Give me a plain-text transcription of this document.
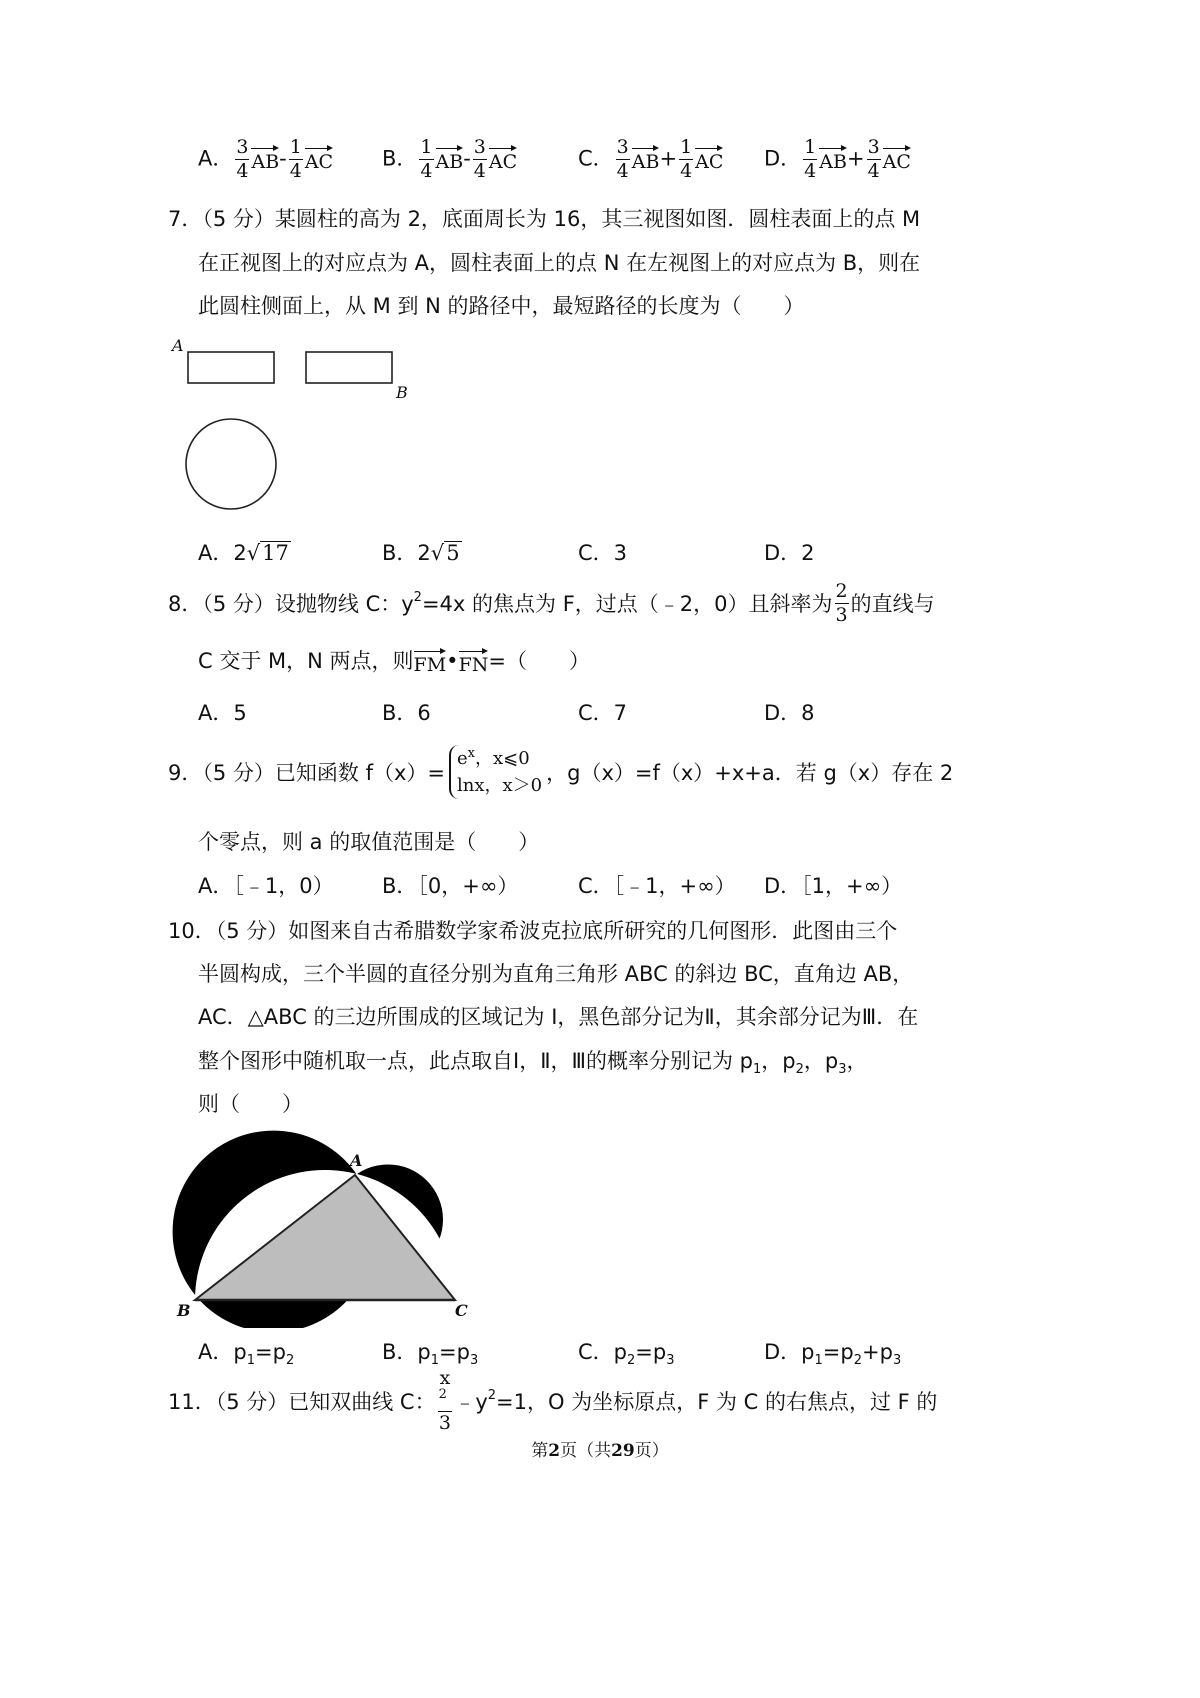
A． $\frac{3}{4} AB- \frac{1}{4}$ AC B． $\frac{1}{4} AB- \frac{3}{4}$ AC	C． $\frac{3}{4} AB+ \frac{1}{4}$ AC D． $\frac{1}{4} AB+ \frac{3}{4}$ AC
7．（5 分）某圆柱的高为 2，底面周长为 16，其三视图如图．圆柱表面上的点 M
在正视图上的对应点为 A，圆柱表面上的点 N 在左视图上的对应点为 B，则在
此圆柱侧面上，从 M 到 N 的路径中，最短路径的长度为（　　）
A
B
A．2√17	B．2√5	C．3	D．2
8．（5 分）设抛物线 C：$y^2 =4x$ 的焦点为 F，过点（﹣2，0）且斜率为 $\frac{2}{3}$ 的直线与
C 交于 M，N 两点，则FM•FN=（　　）
A．5	B．6	C．7	D．8
9．（5 分）已知函数 f（x）=
$e^x$，x⩽0
lnx，x＞0 ，g（x）=f（x）+x+a．若 g（x）存在 2
个零点，则 a 的取值范围是（　　）
A．［﹣1，0） B．［0，+∞）	C．［﹣1，+∞） D．［1，+∞）
10．（5 分）如图来自古希腊数学家希波克拉底所研究的几何图形．此图由三个
半圆构成，三个半圆的直径分别为直角三角形 ABC 的斜边 BC，直角边 AB，
AC．△ABC 的三边所围成的区域记为 I，黑色部分记为Ⅱ，其余部分记为Ⅲ．在
整个图形中随机取一点，此点取自Ⅰ，Ⅱ，Ⅲ的概率分别记为 $p_1$，$p_2$，$p_3$，
则（　　）
A
B	C
A．$p_1=p_2$	B．$p_1=p_3$	C．$p_2=p_3$	D．$p_1=p_2+p_3$
11．（5 分）已知双曲线 C： x
$^2$
3 $﹣y^2 =1$，O 为坐标原点，F 为 C 的右焦点，过 F 的
第2页（共29页）
